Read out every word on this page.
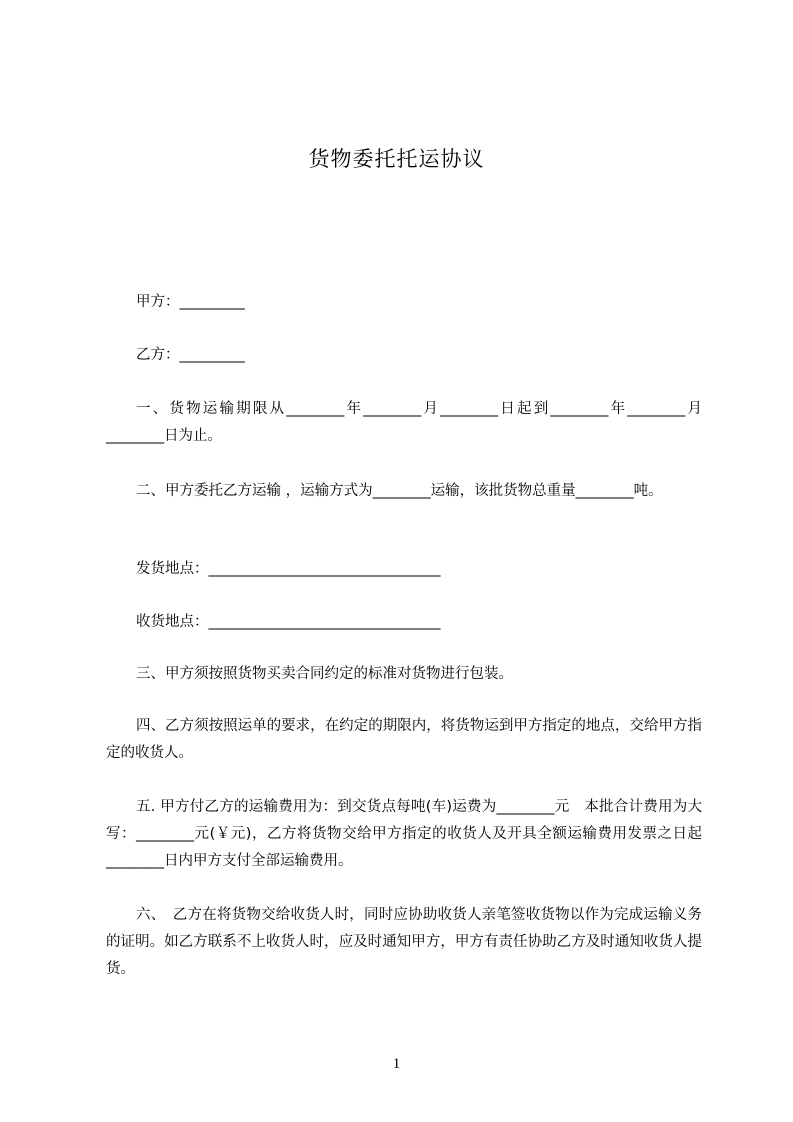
货物委托托运协议
甲方：_________
乙方：_________
一、货物运输期限从________年________月________日起到________年________月________日为止。
二、甲方委托乙方运输 ，运输方式为________运输，该批货物总重量________吨。
发货地点：________________________________
收货地点：________________________________
三、甲方须按照货物买卖合同约定的标准对货物进行包装。
四、乙方须按照运单的要求，在约定的期限内，将货物运到甲方指定的地点，交给甲方指定的收货人。
五. 甲方付乙方的运输费用为：到交货点每吨(车)运费为________元　本批合计费用为大写：________元(￥元)，乙方将货物交给甲方指定的收货人及开具全额运输费用发票之日起________日内甲方支付全部运输费用。
六、　乙方在将货物交给收货人时，同时应协助收货人亲笔签收货物以作为完成运输义务的证明。如乙方联系不上收货人时，应及时通知甲方，甲方有责任协助乙方及时通知收货人提货。
1
